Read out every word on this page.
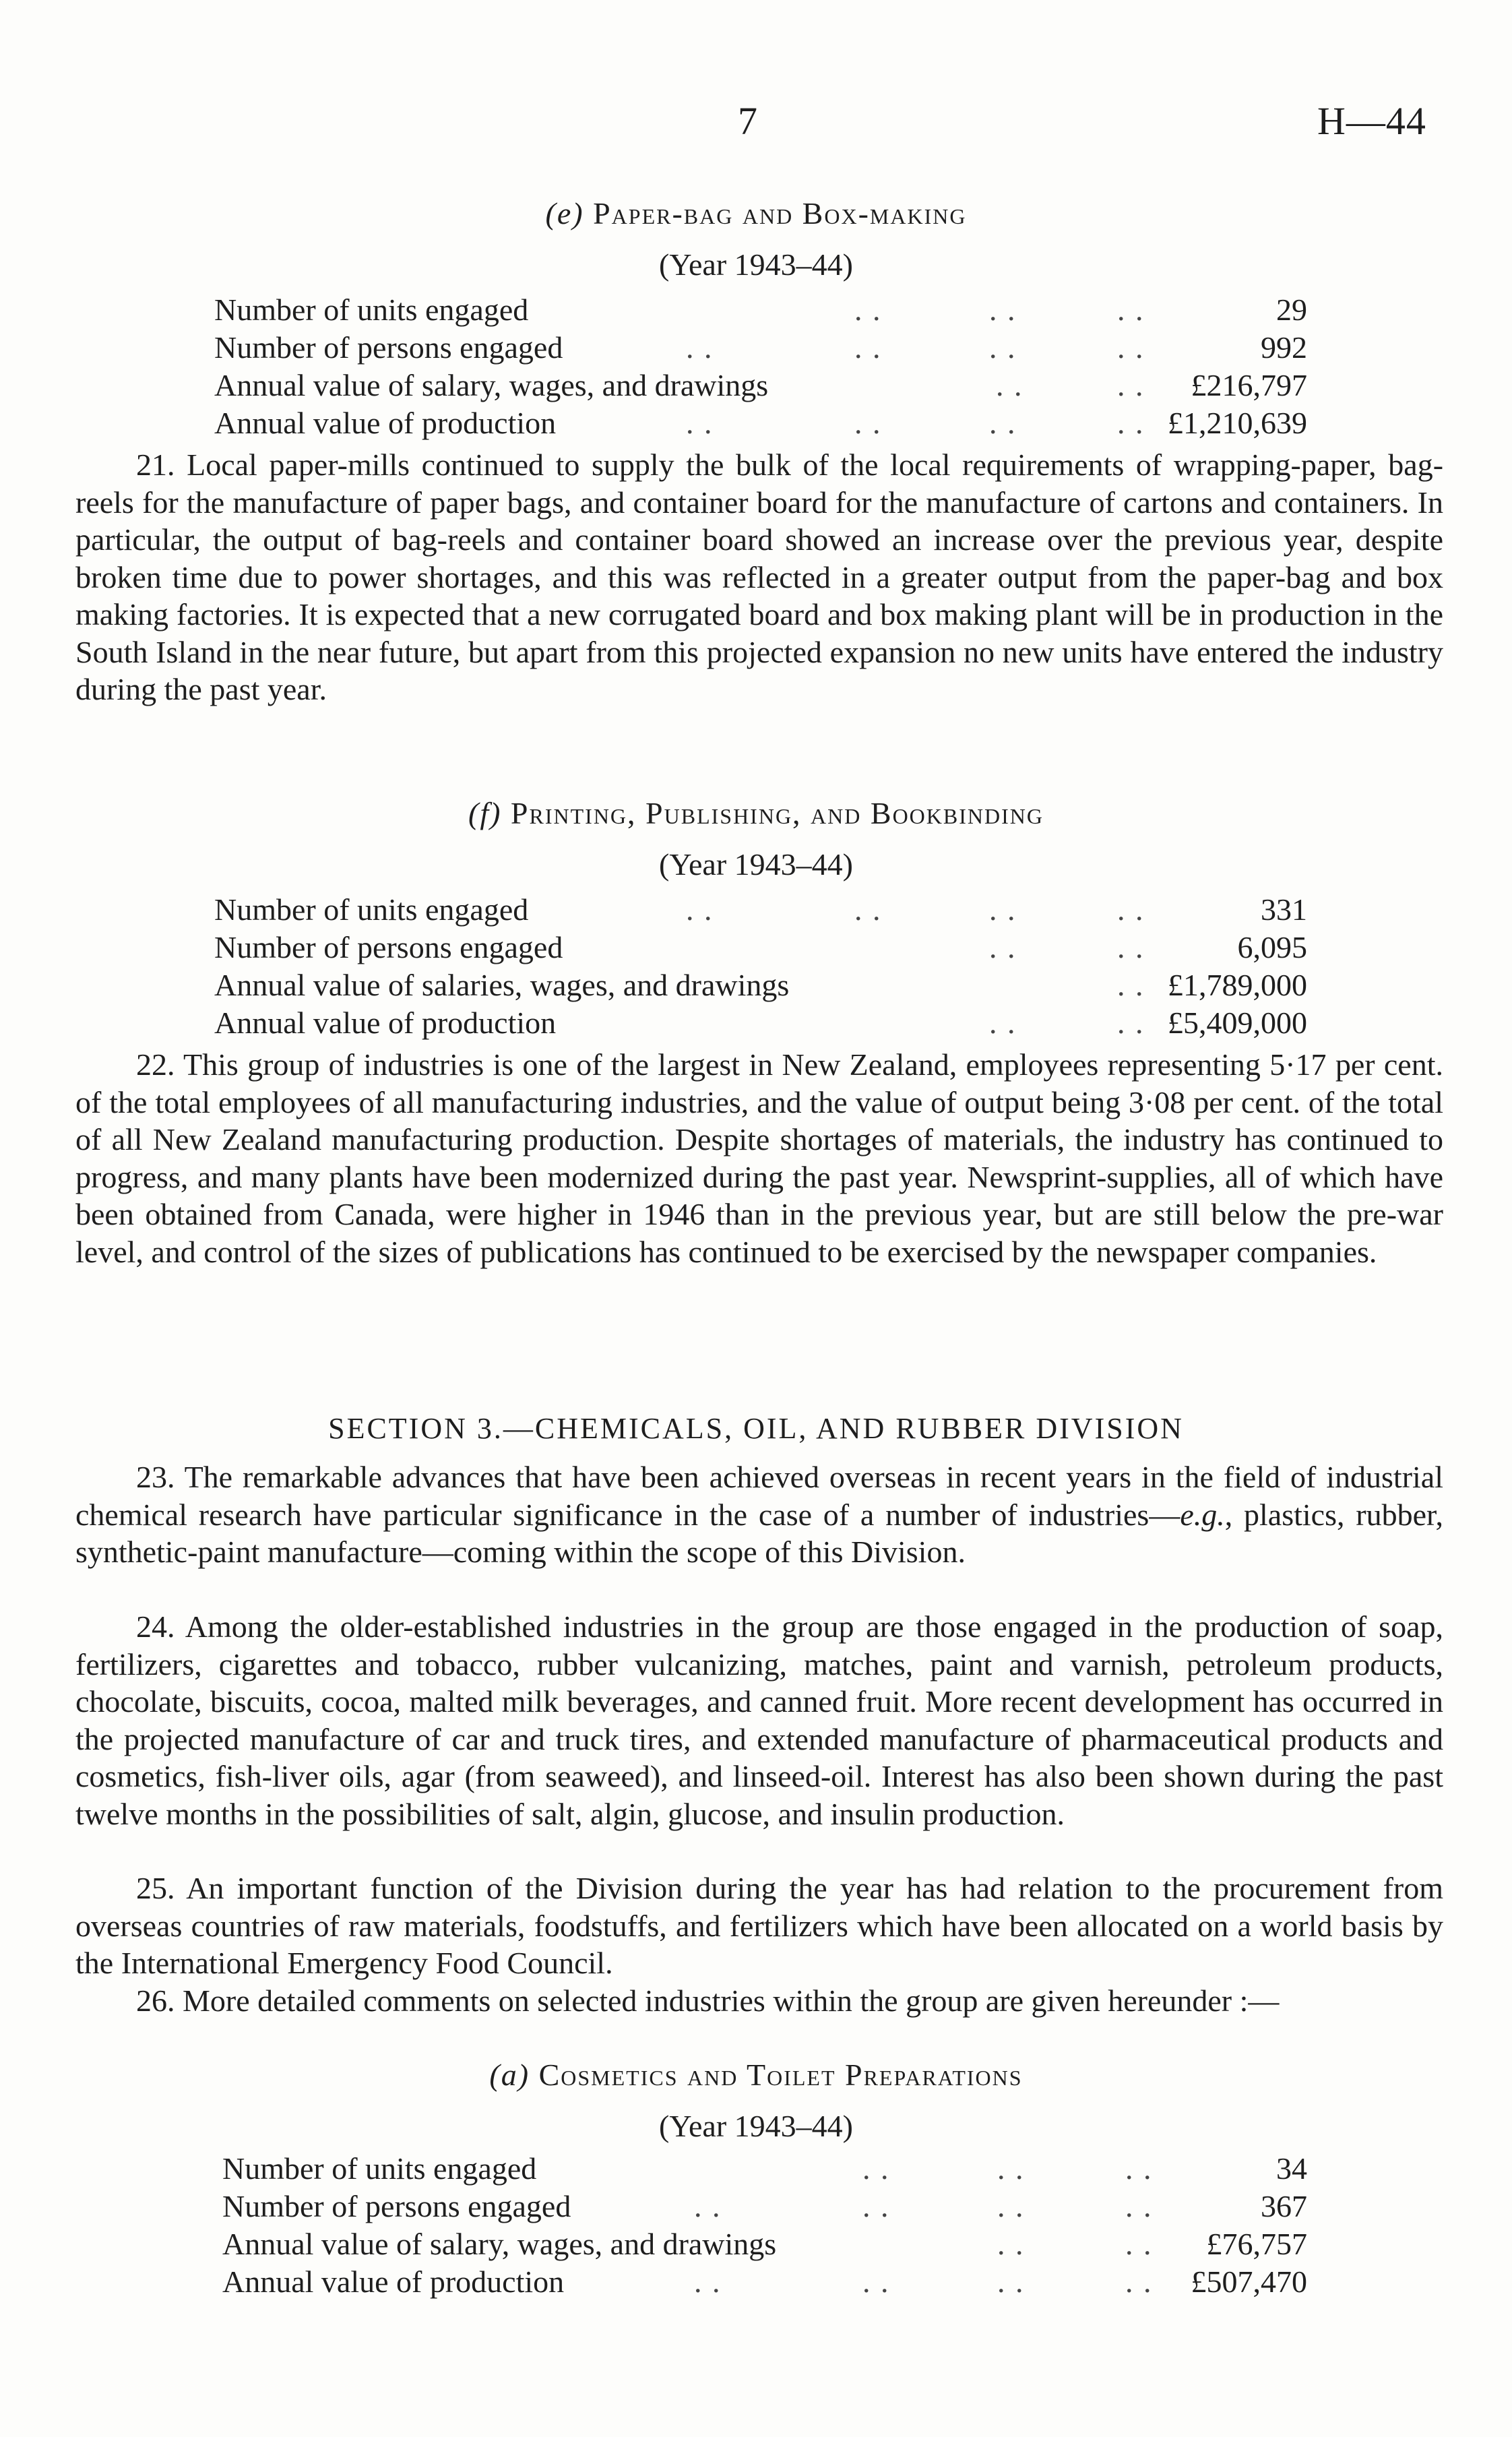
7	H—44
(e) Paper-bag and Box-making
(Year 1943–44)
Number of units engaged	. .	. .	. .	29
Number of persons engaged	. .	. .	. .	. .	992
Annual value of salary, wages, and drawings	. .	. . £216,797
Annual value of production	. .	. .	. .	. . £1,210,639

21. Local paper-mills continued to supply the bulk of the local requirements of wrapping-paper, bag-reels for the manufacture of paper bags, and container board for the manufacture of cartons and containers. In particular, the output of bag-reels and container board showed an increase over the previous year, despite broken time due to power shortages, and this was reflected in a greater output from the paper-bag and box making factories. It is expected that a new corrugated board and box making plant will be in production in the South Island in the near future, but apart from this projected expansion no new units have entered the industry during the past year.

(f) Printing, Publishing, and Bookbinding
(Year 1943–44)
Number of units engaged	. .	. .	. .	. .	331
Number of persons engaged	. .	. .	6,095
Annual value of salaries, wages, and drawings	. . £1,789,000
Annual value of production	. .	. . £5,409,000

22. This group of industries is one of the largest in New Zealand, employees representing 5·17 per cent. of the total employees of all manufacturing industries, and the value of output being 3·08 per cent. of the total of all New Zealand manufacturing production. Despite shortages of materials, the industry has continued to progress, and many plants have been modernized during the past year. Newsprint-supplies, all of which have been obtained from Canada, were higher in 1946 than in the previous year, but are still below the pre-war level, and control of the sizes of publications has continued to be exercised by the newspaper companies.

SECTION 3.—CHEMICALS, OIL, AND RUBBER DIVISION

23. The remarkable advances that have been achieved overseas in recent years in the field of industrial chemical research have particular significance in the case of a number of industries—e.g., plastics, rubber, synthetic-paint manufacture—coming within the scope of this Division.

24. Among the older-established industries in the group are those engaged in the production of soap, fertilizers, cigarettes and tobacco, rubber vulcanizing, matches, paint and varnish, petroleum products, chocolate, biscuits, cocoa, malted milk beverages, and canned fruit. More recent development has occurred in the projected manufacture of car and truck tires, and extended manufacture of pharmaceutical products and cosmetics, fish-liver oils, agar (from seaweed), and linseed-oil. Interest has also been shown during the past twelve months in the possibilities of salt, algin, glucose, and insulin production.

25. An important function of the Division during the year has had relation to the procurement from overseas countries of raw materials, foodstuffs, and fertilizers which have been allocated on a world basis by the International Emergency Food Council.

26. More detailed comments on selected industries within the group are given hereunder :—

(a) Cosmetics and Toilet Preparations
(Year 1943–44)
Number of units engaged	. .	. .	. .	34
Number of persons engaged	. .	. .	. .	. .	367
Annual value of salary, wages, and drawings	. .	. . £76,757
Annual value of production	. .	. .	. .	. . £507,470
